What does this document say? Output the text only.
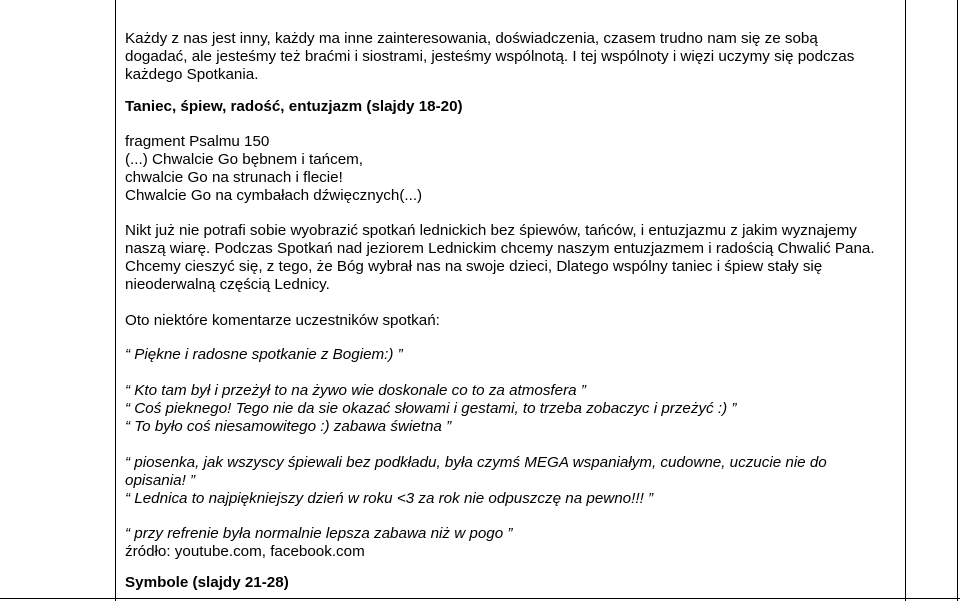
Każdy z nas jest inny, każdy ma inne zainteresowania, doświadczenia, czasem trudno nam się ze sobą
dogadać, ale jesteśmy też braćmi i siostrami, jesteśmy wspólnotą. I tej wspólnoty i więzi uczymy się podczas
każdego Spotkania.
Taniec, śpiew, radość, entuzjazm (slajdy 18-20)
fragment Psalmu 150
(...) Chwalcie Go bębnem i tańcem,
chwalcie Go na strunach i flecie!
Chwalcie Go na cymbałach dźwięcznych(...)
Nikt już nie potrafi sobie wyobrazić spotkań lednickich bez śpiewów, tańców, i entuzjazmu z jakim wyznajemy
naszą wiarę. Podczas Spotkań nad jeziorem Lednickim chcemy naszym entuzjazmem i radością Chwalić Pana.
Chcemy cieszyć się, z tego, że Bóg wybrał nas na swoje dzieci, Dlatego wspólny taniec i śpiew stały się
nieoderwalną częścią Lednicy.
Oto niektóre komentarze uczestników spotkań:
“ Piękne i radosne spotkanie z Bogiem:) ”
“ Kto tam był i przeżył to na żywo wie doskonale co to za atmosfera ”
“ Coś pieknego! Tego nie da sie okazać słowami i gestami, to trzeba zobaczyc i przeżyć :) ”
“ To było coś niesamowitego :) zabawa świetna ”
“ piosenka, jak wszyscy śpiewali bez podkładu, była czymś MEGA wspaniałym, cudowne, uczucie nie do
opisania! ”
“ Lednica to najpiękniejszy dzień w roku <3 za rok nie odpuszczę na pewno!!! ”
“ przy refrenie była normalnie lepsza zabawa niż w pogo ”
źródło: youtube.com, facebook.com
Symbole (slajdy 21-28)
